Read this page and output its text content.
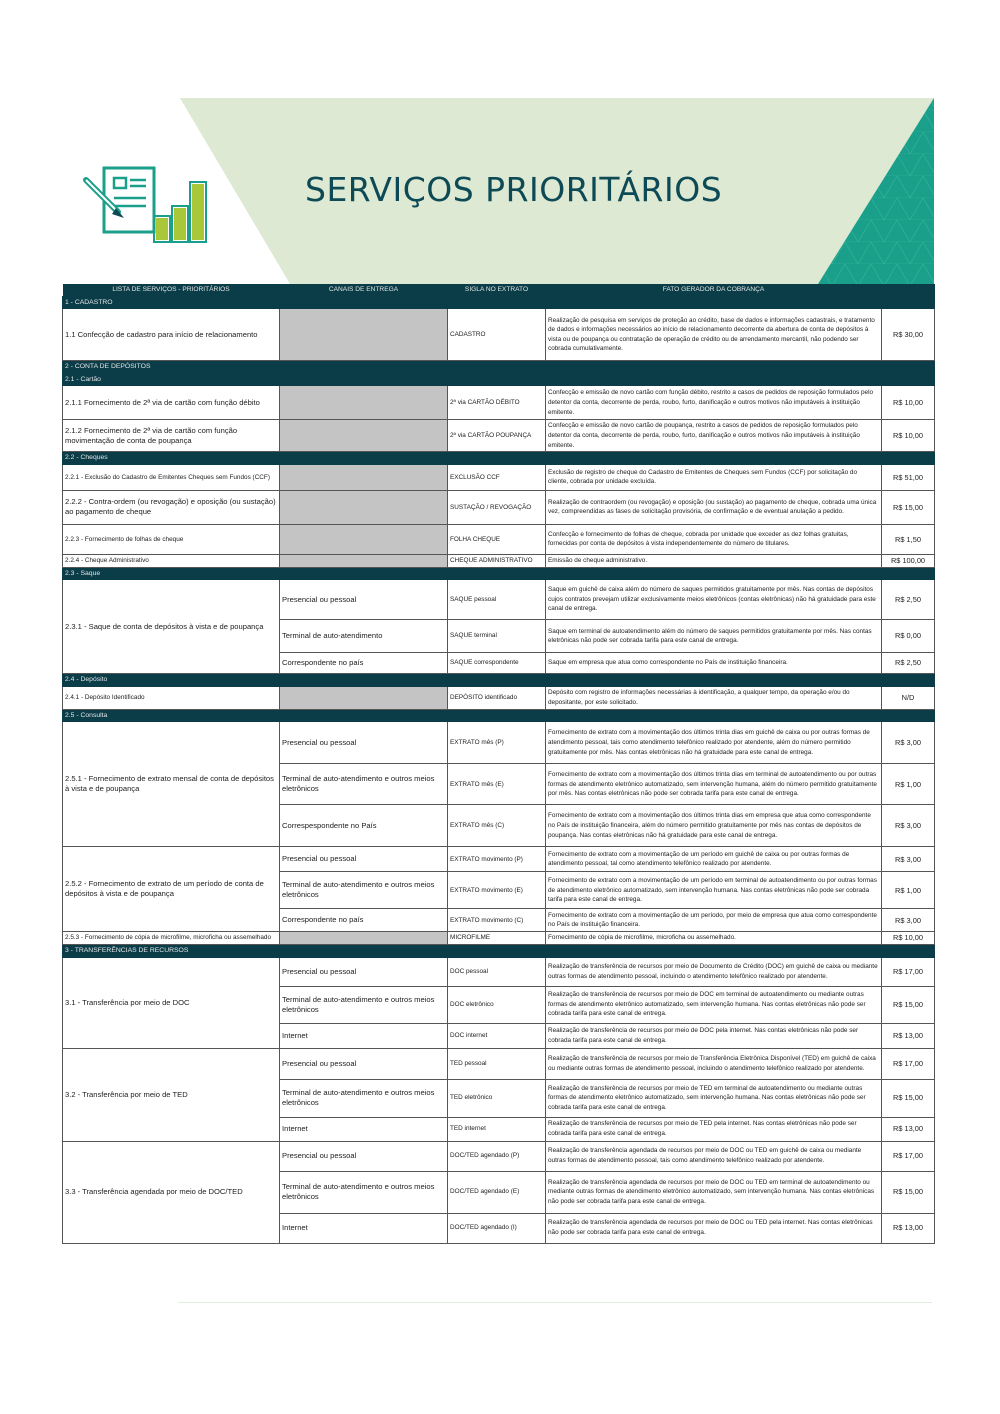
SERVIÇOS PRIORITÁRIOS
LISTA DE SERVIÇOS - PRIORITÁRIOS	CANAIS DE ENTREGA	SIGLA NO EXTRATO	FATO GERADOR DA COBRANÇA	
1 - CADASTRO				
1.1 Confecção de cadastro para início de relacionamento		CADASTRO	Realização de pesquisa em serviços de proteção ao crédito, base de dados e informações cadastrais, e tratamento de dados e informações necessários ao início de relacionamento decorrente da abertura de conta de depósitos à vista ou de poupança ou contratação de operação de crédito ou de arrendamento mercantil, não podendo ser cobrada cumulativamente.	R$ 30,00
2 - CONTA DE DEPÓSITOS				
2.1 - Cartão				
2.1.1 Fornecimento de 2ª via de cartão com função débito		2ª via CARTÃO DÉBITO	Confecção e emissão de novo cartão com função débito, restrito a casos de pedidos de reposição formulados pelo detentor da conta, decorrente de perda, roubo, furto, danificação e outros motivos não imputáveis à instituição emitente.	R$ 10,00
2.1.2 Fornecimento de 2ª via de cartão com função movimentação de conta de poupança		2ª via CARTÃO POUPANÇA	Confecção e emissão de novo cartão de poupança, restrito a casos de pedidos de reposição formulados pelo detentor da conta, decorrente de perda, roubo, furto, danificação e outros motivos não imputáveis à instituição emitente.	R$ 10,00
2.2 - Cheques				
2.2.1 - Exclusão do Cadastro de Emitentes Cheques sem Fundos (CCF)		EXCLUSÃO CCF	Exclusão de registro de cheque do Cadastro de Emitentes de Cheques sem Fundos (CCF) por solicitação do cliente, cobrada por unidade excluída.	R$ 51,00
2.2.2 - Contra-ordem (ou revogação) e oposição (ou sustação) ao pagamento de cheque		SUSTAÇÃO / REVOGAÇÃO	Realização de contraordem (ou revogação) e oposição (ou sustação) ao pagamento de cheque, cobrada uma única vez, compreendidas as fases de solicitação provisória, de confirmação e de eventual anulação a pedido.	R$ 15,00
2.2.3 - Fornecimento de folhas de cheque		FOLHA CHEQUE	Confecção e fornecimento de folhas de cheque, cobrada por unidade que exceder as dez folhas gratuitas, fornecidas por conta de depósitos à vista independentemente do número de titulares.	R$ 1,50
2.2.4 - Cheque Administrativo		CHEQUE ADMINISTRATIVO	Emissão de cheque administrativo.	R$ 100,00
2.3 - Saque				
2.3.1 - Saque de conta de depósitos à vista e de poupança	Presencial ou pessoal	SAQUE pessoal	Saque em guichê de caixa além do número de saques permitidos gratuitamente por mês. Nas contas de depósitos cujos contratos prevejam utilizar exclusivamente meios eletrônicos (contas eletrônicas) não há gratuidade para este canal de entrega.	R$ 2,50
	Terminal de auto-atendimento	SAQUE terminal	Saque em terminal de autoatendimento além do número de saques permitidos gratuitamente por mês. Nas contas eletrônicas não pode ser cobrada tarifa para este canal de entrega.	R$ 0,00
	Correspondente no país	SAQUE correspondente	Saque em empresa que atua como correspondente no País de instituição financeira.	R$ 2,50
2.4 - Depósito				
2.4.1 - Depósito Identificado		DEPÓSITO identificado	Depósito com registro de informações necessárias à identificação, a qualquer tempo, da operação e/ou do depositante, por este solicitado.	N/D
2.5 - Consulta				
2.5.1 - Fornecimento de extrato mensal de conta de depósitos à vista e de poupança	Presencial ou pessoal	EXTRATO mês (P)	Fornecimento de extrato com a movimentação dos últimos trinta dias em guichê de caixa ou por outras formas de atendimento pessoal, tais como atendimento telefônico realizado por atendente, além do número permitido gratuitamente por mês. Nas contas eletrônicas não há gratuidade para este canal de entrega.	R$ 3,00
	Terminal de auto-atendimento e outros meios eletrônicos	EXTRATO mês (E)	Fornecimento de extrato com a movimentação dos últimos trinta dias em terminal de autoatendimento ou por outras formas de atendimento eletrônico automatizado, sem intervenção humana, além do número permitido gratuitamente por mês. Nas contas eletrônicas não pode ser cobrada tarifa para este canal de entrega.	R$ 1,00
	Correspespondente no País	EXTRATO mês (C)	Fornecimento de extrato com a movimentação dos últimos trinta dias em empresa que atua como correspondente no País de instituição financeira, além do número permitido gratuitamente por mês nas contas de depósitos de poupança. Nas contas eletrônicas não há gratuidade para este canal de entrega.	R$ 3,00
2.5.2 - Fornecimento de extrato de um período de conta de depósitos à vista e de poupança	Presencial ou pessoal	EXTRATO movimento (P)	Fornecimento de extrato com a movimentação de um período em guichê de caixa ou por outras formas de atendimento pessoal, tal como atendimento telefônico realizado por atendente.	R$ 3,00
	Terminal de auto-atendimento e outros meios eletrônicos	EXTRATO movimento (E)	Fornecimento de extrato com a movimentação de um período em terminal de autoatendimento ou por outras formas de atendimento eletrônico automatizado, sem intervenção humana. Nas contas eletrônicas não pode ser cobrada tarifa para este canal de entrega.	R$ 1,00
	Correspondente no país	EXTRATO movimento (C)	Fornecimento de extrato com a movimentação de um período, por meio de empresa que atua como correspondente no País de instituição financeira.	R$ 3,00
2.5.3 - Fornecimento de cópia de microfilme, microficha ou assemelhado		MICROFILME	Fornecimento de cópia de microfilme, microficha ou assemelhado.	R$ 10,00
3 - TRANSFERÊNCIAS DE RECURSOS				
3.1 - Transferência por meio de DOC	Presencial ou pessoal	DOC pessoal	Realização de transferência de recursos por meio de Documento de Crédito (DOC) em guichê de caixa ou mediante outras formas de atendimento pessoal, incluindo o atendimento telefônico realizado por atendente.	R$ 17,00
	Terminal de auto-atendimento e outros meios eletrônicos	DOC eletrônico	Realização de transferência de recursos por meio de DOC em terminal de autoatendimento ou mediante outras formas de atendimento eletrônico automatizado, sem intervenção humana. Nas contas eletrônicas não pode ser cobrada tarifa para este canal de entrega.	R$ 15,00
	Internet	DOC internet	Realização de transferência de recursos por meio de DOC pela internet. Nas contas eletrônicas não pode ser cobrada tarifa para este canal de entrega.	R$ 13,00
3.2 - Transferência por meio de TED	Presencial ou pessoal	TED pessoal	Realização de transferência de recursos por meio de Transferência Eletrônica Disponível (TED) em guichê de caixa ou mediante outras formas de atendimento pessoal, incluindo o atendimento telefônico realizado por atendente.	R$ 17,00
	Terminal de auto-atendimento e outros meios eletrônicos	TED eletrônico	Realização de transferência de recursos por meio de TED em terminal de autoatendimento ou mediante outras formas de atendimento eletrônico automatizado, sem intervenção humana. Nas contas eletrônicas não pode ser cobrada tarifa para este canal de entrega.	R$ 15,00
	Internet	TED internet	Realização de transferência de recursos por meio de TED pela internet. Nas contas eletrônicas não pode ser cobrada tarifa para este canal de entrega.	R$ 13,00
3.3 - Transferência agendada por meio de DOC/TED	Presencial ou pessoal	DOC/TED agendado (P)	Realização de transferência agendada de recursos por meio de DOC ou TED em guichê de caixa ou mediante outras formas de atendimento pessoal, tais como atendimento telefônico realizado por atendente.	R$ 17,00
	Terminal de auto-atendimento e outros meios eletrônicos	DOC/TED agendado (E)	Realização de transferência agendada de recursos por meio de DOC ou TED em terminal de autoatendimento ou mediante outras formas de atendimento eletrônico automatizado, sem intervenção humana. Nas contas eletrônicas não pode ser cobrada tarifa para este canal de entrega.	R$ 15,00
	Internet	DOC/TED agendado (I)	Realização de transferência agendada de recursos por meio de DOC ou TED pela internet. Nas contas eletrônicas não pode ser cobrada tarifa para este canal de entrega.	R$ 13,00
